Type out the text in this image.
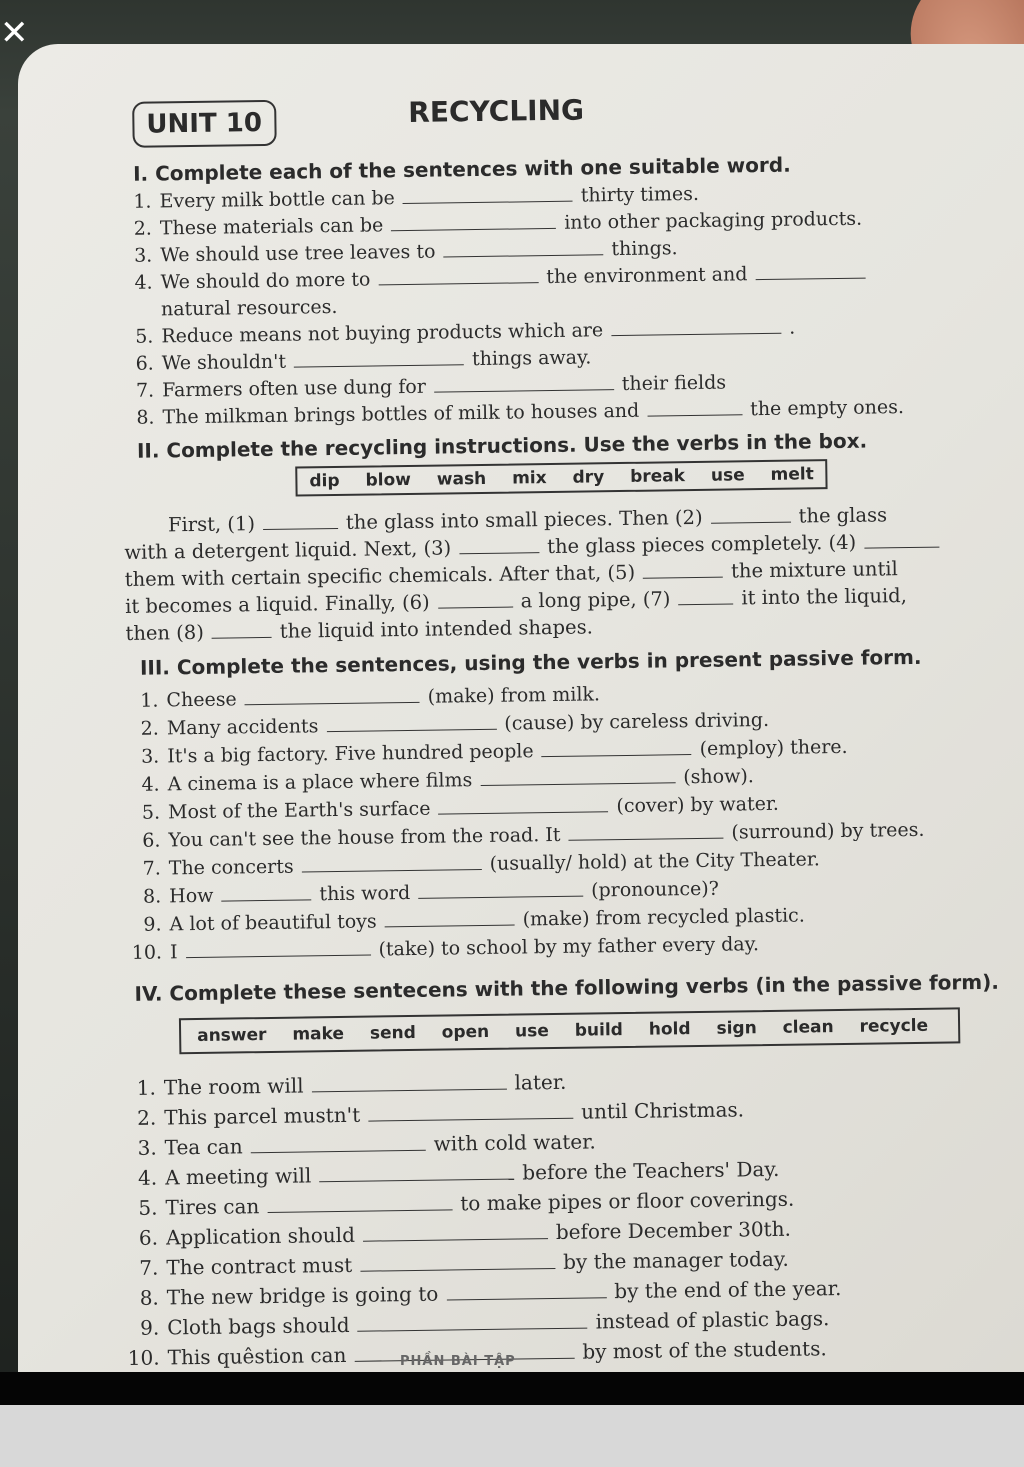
UNIT 10	RECYCLING
I. Complete each of the sentences with one suitable word.
1. Every milk bottle can be	thirty times.
2. These materials can be	into other packaging products.
3. We should use tree leaves to	things.
4. We should do more to	the environment and
natural resources.
5. Reduce means not buying products which are	.
6. We shouldn't	things away.
7. Farmers often use dung for	their fields
8. The milkman brings bottles of milk to houses and	the empty ones.
II. Complete the recycling instructions. Use the verbs in the box.
dip blow wash mix dry break use melt
First, (1)	the glass into small pieces. Then (2)	the glass
with a detergent liquid. Next, (3)	the glass pieces completely. (4)
them with certain specific chemicals. After that, (5)	the mixture until
it becomes a liquid. Finally, (6)	a long pipe, (7)	it into the liquid,
then (8)	the liquid into intended shapes.
III. Complete the sentences, using the verbs in present passive form.
1. Cheese	(make) from milk.
2. Many accidents	(cause) by careless driving.
3. It's a big factory. Five hundred people	(employ) there.
4. A cinema is a place where films	(show).
5. Most of the Earth's surface	(cover) by water.
6. You can't see the house from the road. It	(surround) by trees.
7. The concerts	(usually/ hold) at the City Theater.
8. How	this word	(pronounce)?
9. A lot of beautiful toys	(make) from recycled plastic.
10. I	(take) to school by my father every day.
IV. Complete these sentecens with the following verbs (in the passive form).
answer make send open use build hold sign clean recycle
1. The room will	later.
2. This parcel mustn't	until Christmas.
3. Tea can	with cold water.
4. A meeting will	before the Teachers' Day.
5. Tires can	to make pipes or floor coverings.
6. Application should	before December 30th.
7. The contract must	by the manager today.
8. The new bridge is going to	by the end of the year.
9. Cloth bags should	instead of plastic bags.
10. This quêstion can	by most of the students.
PHẦN BÀI TẬP
✕
